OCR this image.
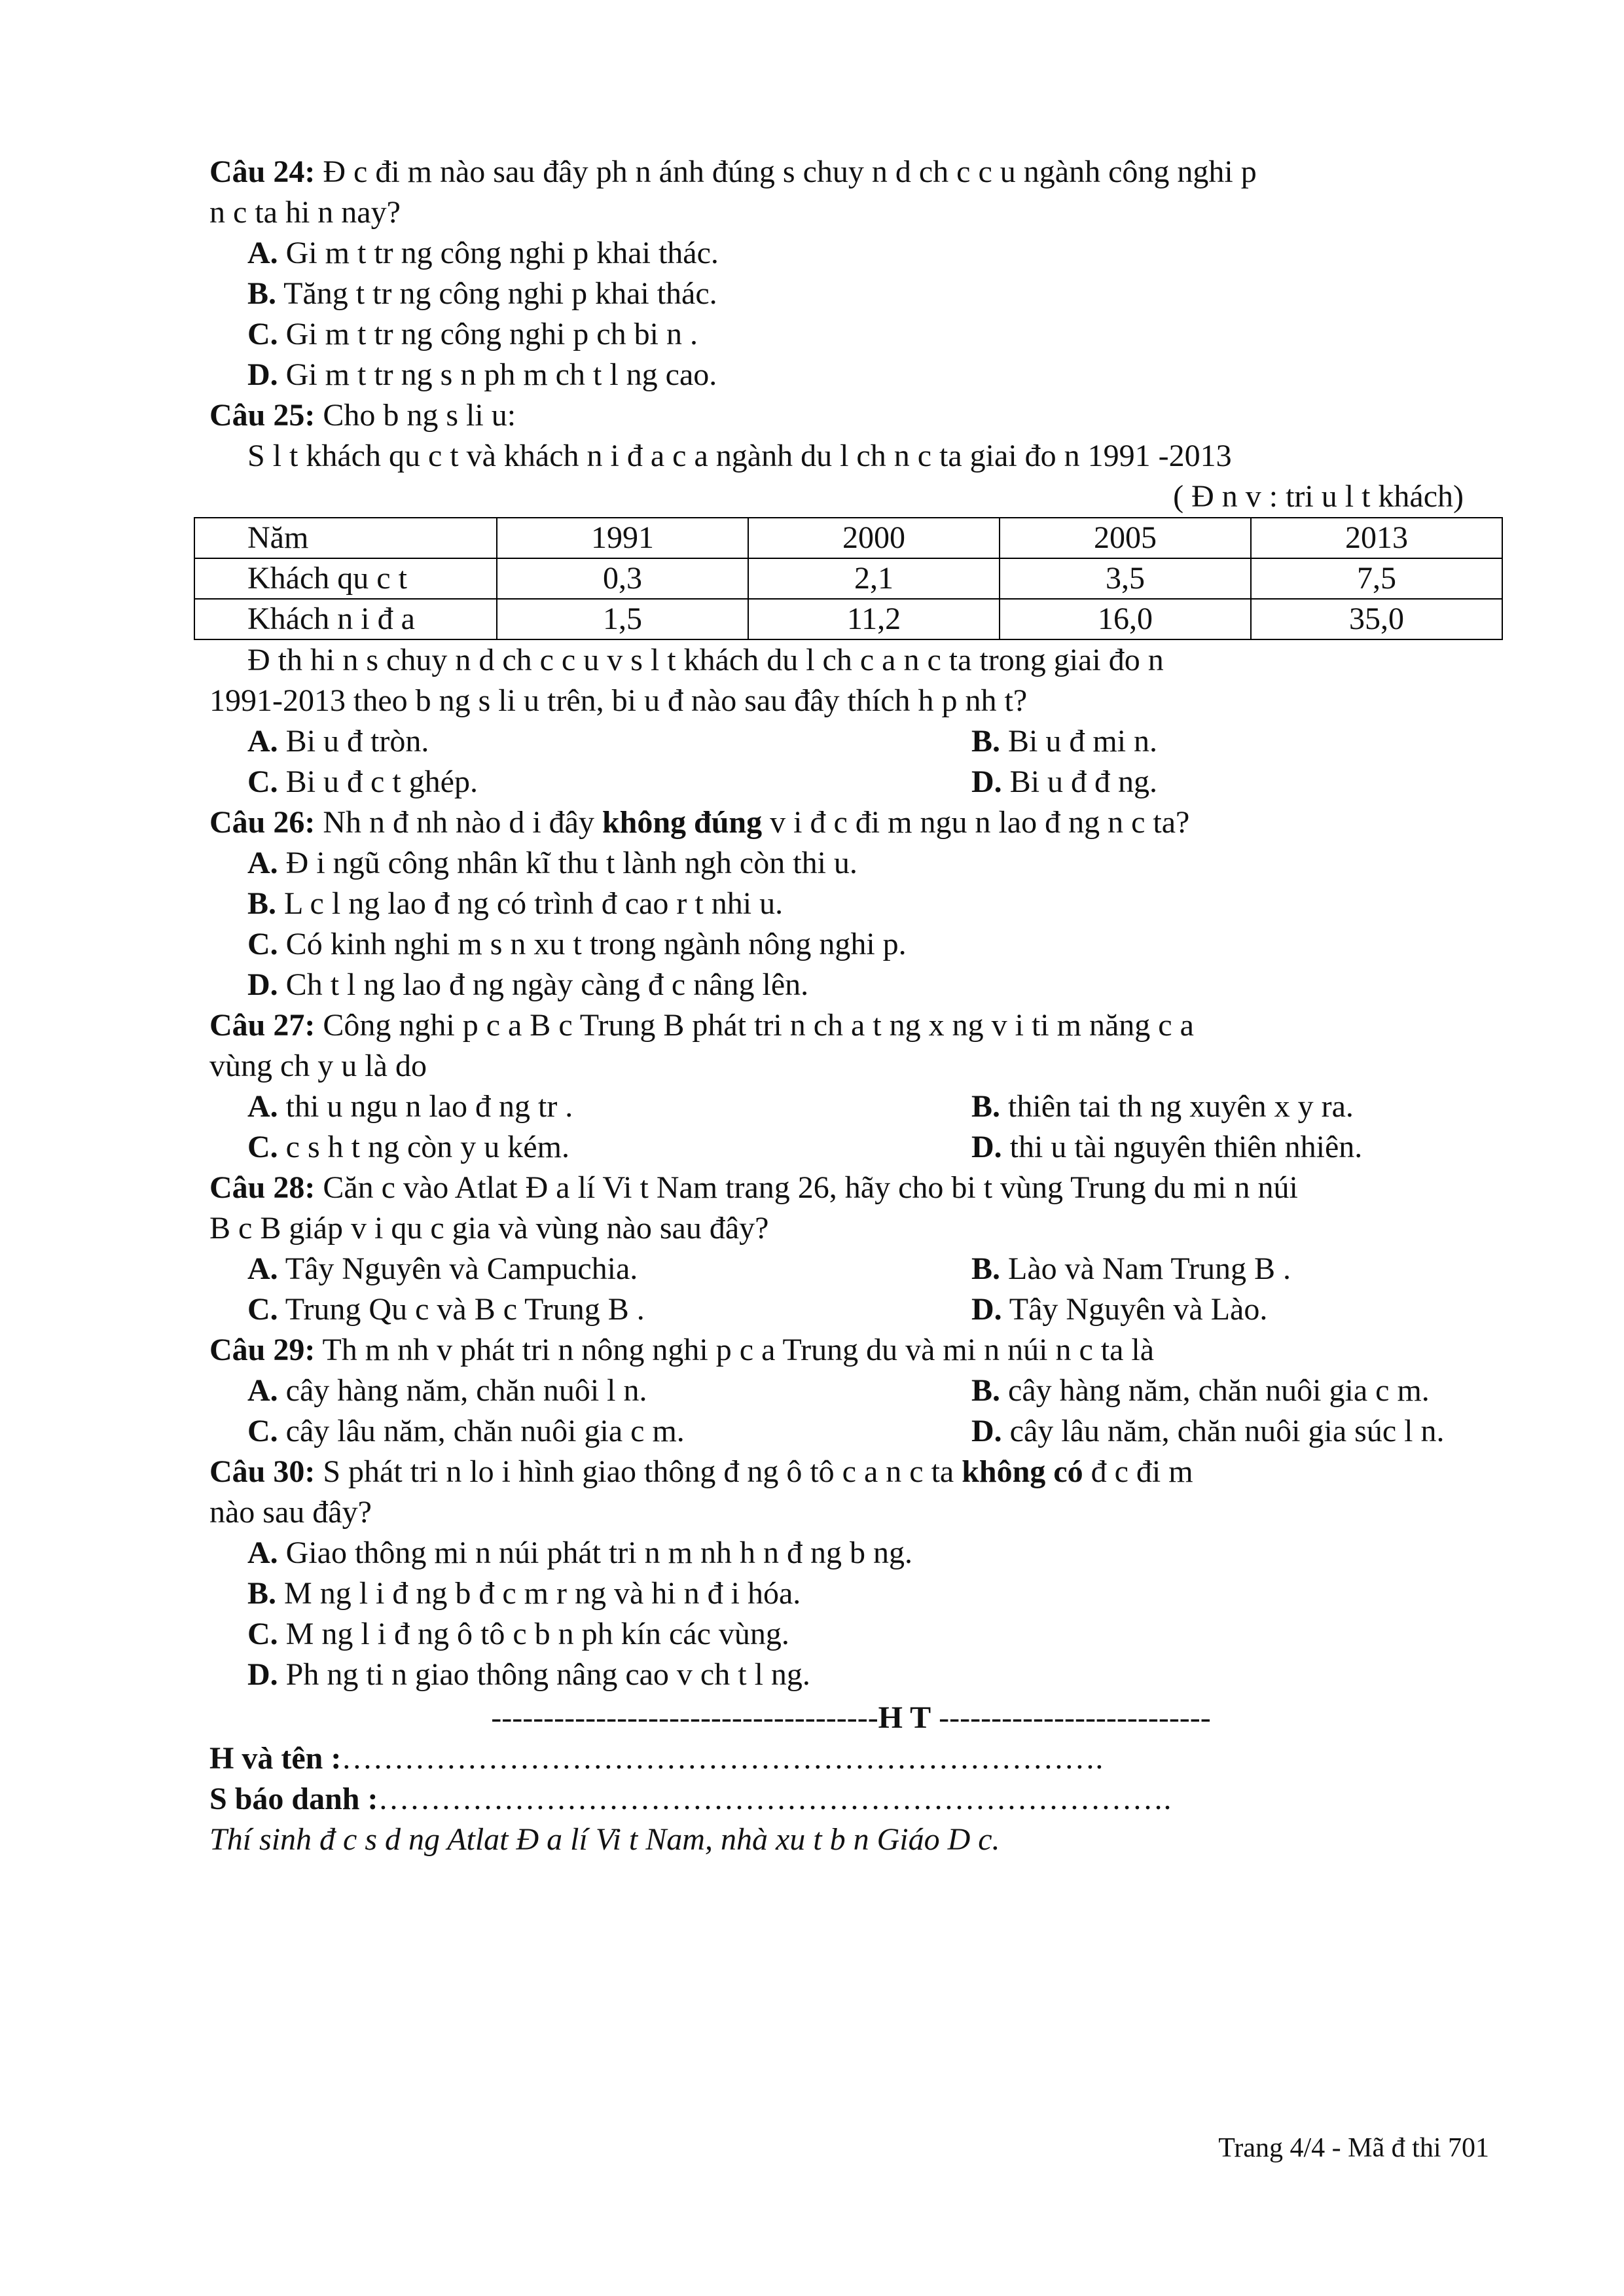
Câu 24: Đ c đi m nào sau đây ph n ánh đúng s chuy n d ch c c u ngành công nghi p

n c ta hi n nay?

A. Gi m t tr ng công nghi p khai thác.

B. Tăng t tr ng công nghi p khai thác.

C. Gi m t tr ng công nghi p ch bi n .

D. Gi m t tr ng s n ph m ch t l ng cao.

Câu 25: Cho b ng s li u:

S l t khách qu c t và khách n i đ a c a ngành du l ch n c ta giai đo n 1991 -2013

( Đ n v : tri u l t khách)

Năm	1991	2000	2005	2013
Khách qu c t	0,3	2,1	3,5	7,5
Khách n i đ a	1,5	11,2	16,0	35,0

Đ th hi n s chuy n d ch c c u v s l t khách du l ch c a n c ta trong giai đo n

1991-2013 theo b ng s li u trên, bi u đ nào sau đây thích h p nh t?

A. Bi u đ tròn.	B. Bi u đ mi n.
C. Bi u đ c t ghép.	D. Bi u đ đ ng.

Câu 26: Nh n đ nh nào d i đây không đúng v i đ c đi m ngu n lao đ ng n c ta?

A. Đ i ngũ công nhân kĩ thu t lành ngh còn thi u.

B. L c l ng lao đ ng có trình đ cao r t nhi u.

C. Có kinh nghi m s n xu t trong ngành nông nghi p.

D. Ch t l ng lao đ ng ngày càng đ c nâng lên.

Câu 27: Công nghi p c a B c Trung B phát tri n ch a t ng x ng v i ti m năng c a

vùng ch y u là do

A. thi u ngu n lao đ ng tr .	B. thiên tai th ng xuyên x y ra.
C. c s h t ng còn y u kém.	D. thi u tài nguyên thiên nhiên.

Câu 28: Căn c vào Atlat Đ a lí Vi t Nam trang 26, hãy cho bi t vùng Trung du mi n núi

B c B giáp v i qu c gia và vùng nào sau đây?

A. Tây Nguyên và Campuchia.	B. Lào và Nam Trung B .
C. Trung Qu c và B c Trung B .	D. Tây Nguyên và Lào.

Câu 29: Th m nh v phát tri n nông nghi p c a Trung du và mi n núi n c ta là

A. cây hàng năm, chăn nuôi l n.	B. cây hàng năm, chăn nuôi gia c m.
C. cây lâu năm, chăn nuôi gia c m.	D. cây lâu năm, chăn nuôi gia súc l n.

Câu 30: S phát tri n lo i hình giao thông đ ng ô tô c a n c ta không có đ c đi m

nào sau đây?

A. Giao thông mi n núi phát tri n m nh h n đ ng b ng.

B. M ng l i đ ng b đ c m r ng và hi n đ i hóa.

C. M ng l i đ ng ô tô c b n ph kín các vùng.

D. Ph ng ti n giao thông nâng cao v ch t l ng.

-------------------------------------H T --------------------------

H và tên :……………………………………………………………….

S báo danh :………………………………………………………………….

Thí sinh đ c s d ng Atlat Đ a lí Vi t Nam, nhà xu t b n Giáo D c.

Trang 4/4 - Mã đ thi 701
